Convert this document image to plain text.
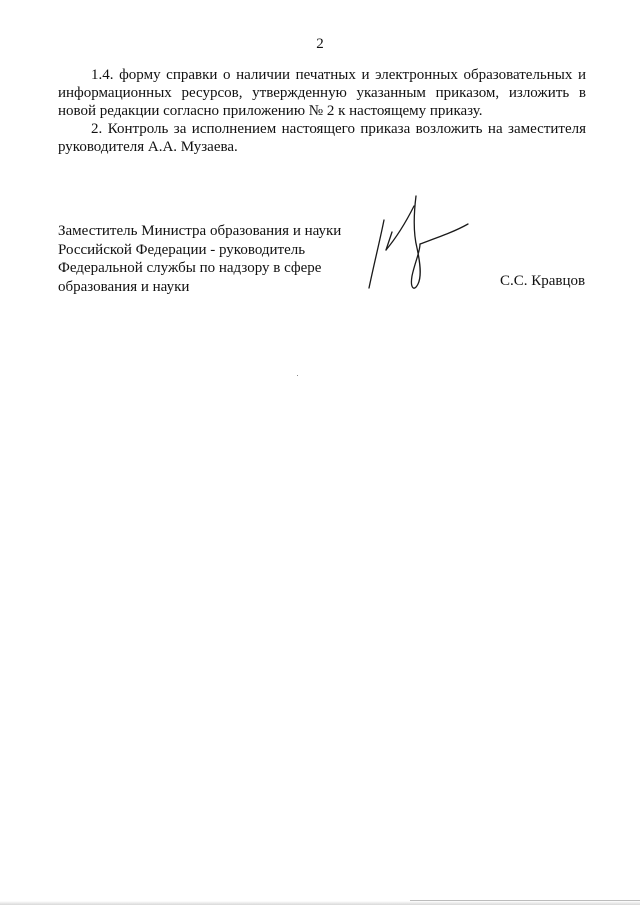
2

1.4. форму справки о наличии печатных и электронных образовательных и информационных ресурсов, утвержденную указанным приказом, изложить в новой редакции согласно приложению № 2 к настоящему приказу.

2. Контроль за исполнением настоящего приказа возложить на заместителя руководителя А.А. Музаева.

Заместитель Министра образования и науки
Российской Федерации - руководитель
Федеральной службы по надзору в сфере
образования и науки	С.С. Кравцов
